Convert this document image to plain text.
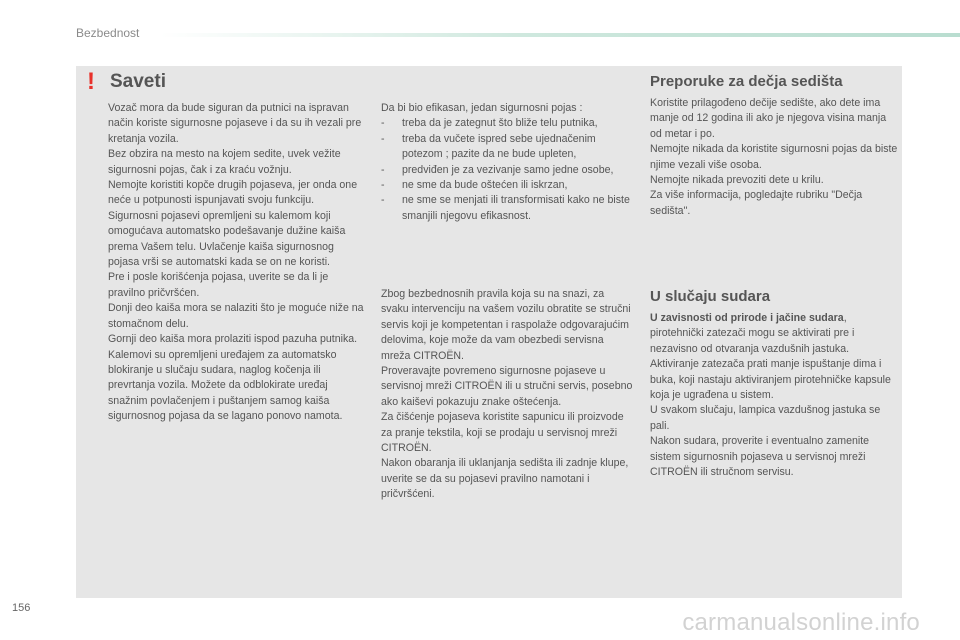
Bezbednost
! Saveti

Vozač mora da bude siguran da putnici na ispravan način koriste sigurnosne pojaseve i da su ih vezali pre kretanja vozila.
Bez obzira na mesto na kojem sedite, uvek vežite sigurnosni pojas, čak i za kraću vožnju.
Nemojte koristiti kopče drugih pojaseva, jer onda one neće u potpunosti ispunjavati svoju funkciju.
Sigurnosni pojasevi opremljeni su kalemom koji omogućava automatsko podešavanje dužine kaiša prema Vašem telu. Uvlačenje kaiša sigurnosnog pojasa vrši se automatski kada se on ne koristi.
Pre i posle korišćenja pojasa, uverite se da li je pravilno pričvršćen.
Donji deo kaiša mora se nalaziti što je moguće niže na stomačnom delu.
Gornji deo kaiša mora prolaziti ispod pazuha putnika.
Kalemovi su opremljeni uređajem za automatsko blokiranje u slučaju sudara, naglog kočenja ili prevrtanja vozila. Možete da odblokirate uređaj snažnim povlačenjem i puštanjem samog kaiša sigurnosnog pojasa da se lagano ponovo namota.

Da bi bio efikasan, jedan sigurnosni pojas :

- treba da je zategnut što bliže telu putnika,
- treba da vučete ispred sebe ujednačenim potezom ; pazite da ne bude upleten,
- predviđen je za vezivanje samo jedne osobe,
- ne sme da bude oštećen ili iskrzan,
- ne sme se menjati ili transformisati kako ne biste smanjili njegovu efikasnost.

Zbog bezbednosnih pravila koja su na snazi, za svaku intervenciju na vašem vozilu obratite se stručni servis koji je kompetentan i raspolaže odgovarajućim delovima, koje može da vam obezbedi servisna mreža CITROËN.
Proveravajte povremeno sigurnosne pojaseve u servisnoj mreži CITROËN ili u stručni servis, posebno ako kaiševi pokazuju znake oštećenja.
Za čišćenje pojaseva koristite sapunicu ili proizvode za pranje tekstila, koji se prodaju u servisnoj mreži CITROËN.
Nakon obaranja ili uklanjanja sedišta ili zadnje klupe, uverite se da su pojasevi pravilno namotani i pričvršćeni.

Preporuke za dečja sedišta

Koristite prilagođeno dečije sedište, ako dete ima manje od 12 godina ili ako je njegova visina manja od metar i po.
Nemojte nikada da koristite sigurnosni pojas da biste njime vezali više osoba.
Nemojte nikada prevoziti dete u krilu.
Za više informacija, pogledajte rubriku "Dečja sedišta".

U slučaju sudara

U zavisnosti od prirode i jačine sudara, pirotehnički zatezači mogu se aktivirati pre i nezavisno od otvaranja vazdušnih jastuka. Aktiviranje zatezača prati manje ispuštanje dima i buka, koji nastaju aktiviranjem pirotehničke kapsule koja je ugrađena u sistem.

U svakom slučaju, lampica vazdušnog jastuka se pali.
Nakon sudara, proverite i eventualno zamenite sistem sigurnosnih pojaseva u servisnoj mreži CITROËN ili stručnom servisu.

156
carmanualsonline.info
